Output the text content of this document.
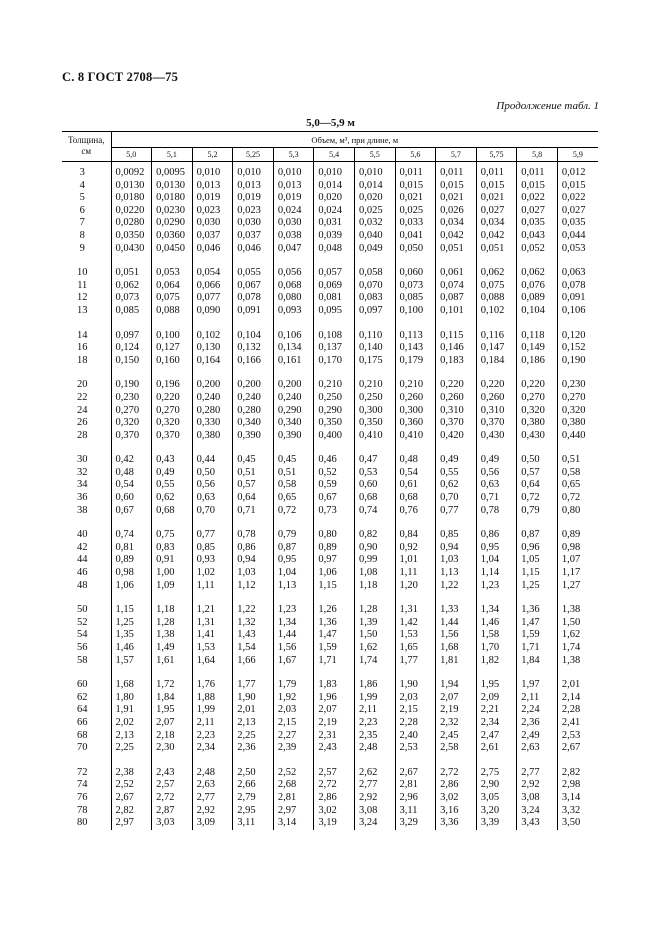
С. 8 ГОСТ 2708—75
Продолжение табл. 1
5,0—5,9 м
Толщина,
см	Объем, м³, при длине, м											
	5,0	5,1	5,2	5,25	5,3	5,4	5,5	5,6	5,7	5,75	5,8	5,9
3	0,0092	0,0095	0,010	0,010	0,010	0,010	0,010	0,011	0,011	0,011	0,011	0,012
4	0,0130	0,0130	0,013	0,013	0,013	0,014	0,014	0,015	0,015	0,015	0,015	0,015
5	0,0180	0,0180	0,019	0,019	0,019	0,020	0,020	0,021	0,021	0,021	0,022	0,022
6	0,0220	0,0230	0,023	0,023	0,024	0,024	0,025	0,025	0,026	0,027	0,027	0,027
7	0,0280	0,0290	0,030	0,030	0,030	0,031	0,032	0,033	0,034	0,034	0,035	0,035
8	0,0350	0,0360	0,037	0,037	0,038	0,039	0,040	0,041	0,042	0,042	0,043	0,044
9	0,0430	0,0450	0,046	0,046	0,047	0,048	0,049	0,050	0,051	0,051	0,052	0,053

10	0,051	0,053	0,054	0,055	0,056	0,057	0,058	0,060	0,061	0,062	0,062	0,063
11	0,062	0,064	0,066	0,067	0,068	0,069	0,070	0,073	0,074	0,075	0,076	0,078
12	0,073	0,075	0,077	0,078	0,080	0,081	0,083	0,085	0,087	0,088	0,089	0,091
13	0,085	0,088	0,090	0,091	0,093	0,095	0,097	0,100	0,101	0,102	0,104	0,106

14	0,097	0,100	0,102	0,104	0,106	0,108	0,110	0,113	0,115	0,116	0,118	0,120
16	0,124	0,127	0,130	0,132	0,134	0,137	0,140	0,143	0,146	0,147	0,149	0,152
18	0,150	0,160	0,164	0,166	0,161	0,170	0,175	0,179	0,183	0,184	0,186	0,190

20	0,190	0,196	0,200	0,200	0,200	0,210	0,210	0,210	0,220	0,220	0,220	0,230
22	0,230	0,220	0,240	0,240	0,240	0,250	0,250	0,260	0,260	0,260	0,270	0,270
24	0,270	0,270	0,280	0,280	0,290	0,290	0,300	0,300	0,310	0,310	0,320	0,320
26	0,320	0,320	0,330	0,340	0,340	0,350	0,350	0,360	0,370	0,370	0,380	0,380
28	0,370	0,370	0,380	0,390	0,390	0,400	0,410	0,410	0,420	0,430	0,430	0,440

30	0,42	0,43	0,44	0,45	0,45	0,46	0,47	0,48	0,49	0,49	0,50	0,51
32	0,48	0,49	0,50	0,51	0,51	0,52	0,53	0,54	0,55	0,56	0,57	0,58
34	0,54	0,55	0,56	0,57	0,58	0,59	0,60	0,61	0,62	0,63	0,64	0,65
36	0,60	0,62	0,63	0,64	0,65	0,67	0,68	0,68	0,70	0,71	0,72	0,72
38	0,67	0,68	0,70	0,71	0,72	0,73	0,74	0,76	0,77	0,78	0,79	0,80

40	0,74	0,75	0,77	0,78	0,79	0,80	0,82	0,84	0,85	0,86	0,87	0,89
42	0,81	0,83	0,85	0,86	0,87	0,89	0,90	0,92	0,94	0,95	0,96	0,98
44	0,89	0,91	0,93	0,94	0,95	0,97	0,99	1,01	1,03	1,04	1,05	1,07
46	0,98	1,00	1,02	1,03	1,04	1,06	1,08	1,11	1,13	1,14	1,15	1,17
48	1,06	1,09	1,11	1,12	1,13	1,15	1,18	1,20	1,22	1,23	1,25	1,27

50	1,15	1,18	1,21	1,22	1,23	1,26	1,28	1,31	1,33	1,34	1,36	1,38
52	1,25	1,28	1,31	1,32	1,34	1,36	1,39	1,42	1,44	1,46	1,47	1,50
54	1,35	1,38	1,41	1,43	1,44	1,47	1,50	1,53	1,56	1,58	1,59	1,62
56	1,46	1,49	1,53	1,54	1,56	1,59	1,62	1,65	1,68	1,70	1,71	1,74
58	1,57	1,61	1,64	1,66	1,67	1,71	1,74	1,77	1,81	1,82	1,84	1,38

60	1,68	1,72	1,76	1,77	1,79	1,83	1,86	1,90	1,94	1,95	1,97	2,01
62	1,80	1,84	1,88	1,90	1,92	1,96	1,99	2,03	2,07	2,09	2,11	2,14
64	1,91	1,95	1,99	2,01	2,03	2,07	2,11	2,15	2,19	2,21	2,24	2,28
66	2,02	2,07	2,11	2,13	2,15	2,19	2,23	2,28	2,32	2,34	2,36	2,41
68	2,13	2,18	2,23	2,25	2,27	2,31	2,35	2,40	2,45	2,47	2,49	2,53
70	2,25	2,30	2,34	2,36	2,39	2,43	2,48	2,53	2,58	2,61	2,63	2,67

72	2,38	2,43	2,48	2,50	2,52	2,57	2,62	2,67	2,72	2,75	2,77	2,82
74	2,52	2,57	2,63	2,66	2,68	2,72	2,77	2,81	2,86	2,90	2,92	2,98
76	2,67	2,72	2,77	2,79	2,81	2,86	2,92	2,96	3,02	3,05	3,08	3,14
78	2,82	2,87	2,92	2,95	2,97	3,02	3,08	3,11	3,16	3,20	3,24	3,32
80	2,97	3,03	3,09	3,11	3,14	3,19	3,24	3,29	3,36	3,39	3,43	3,50
